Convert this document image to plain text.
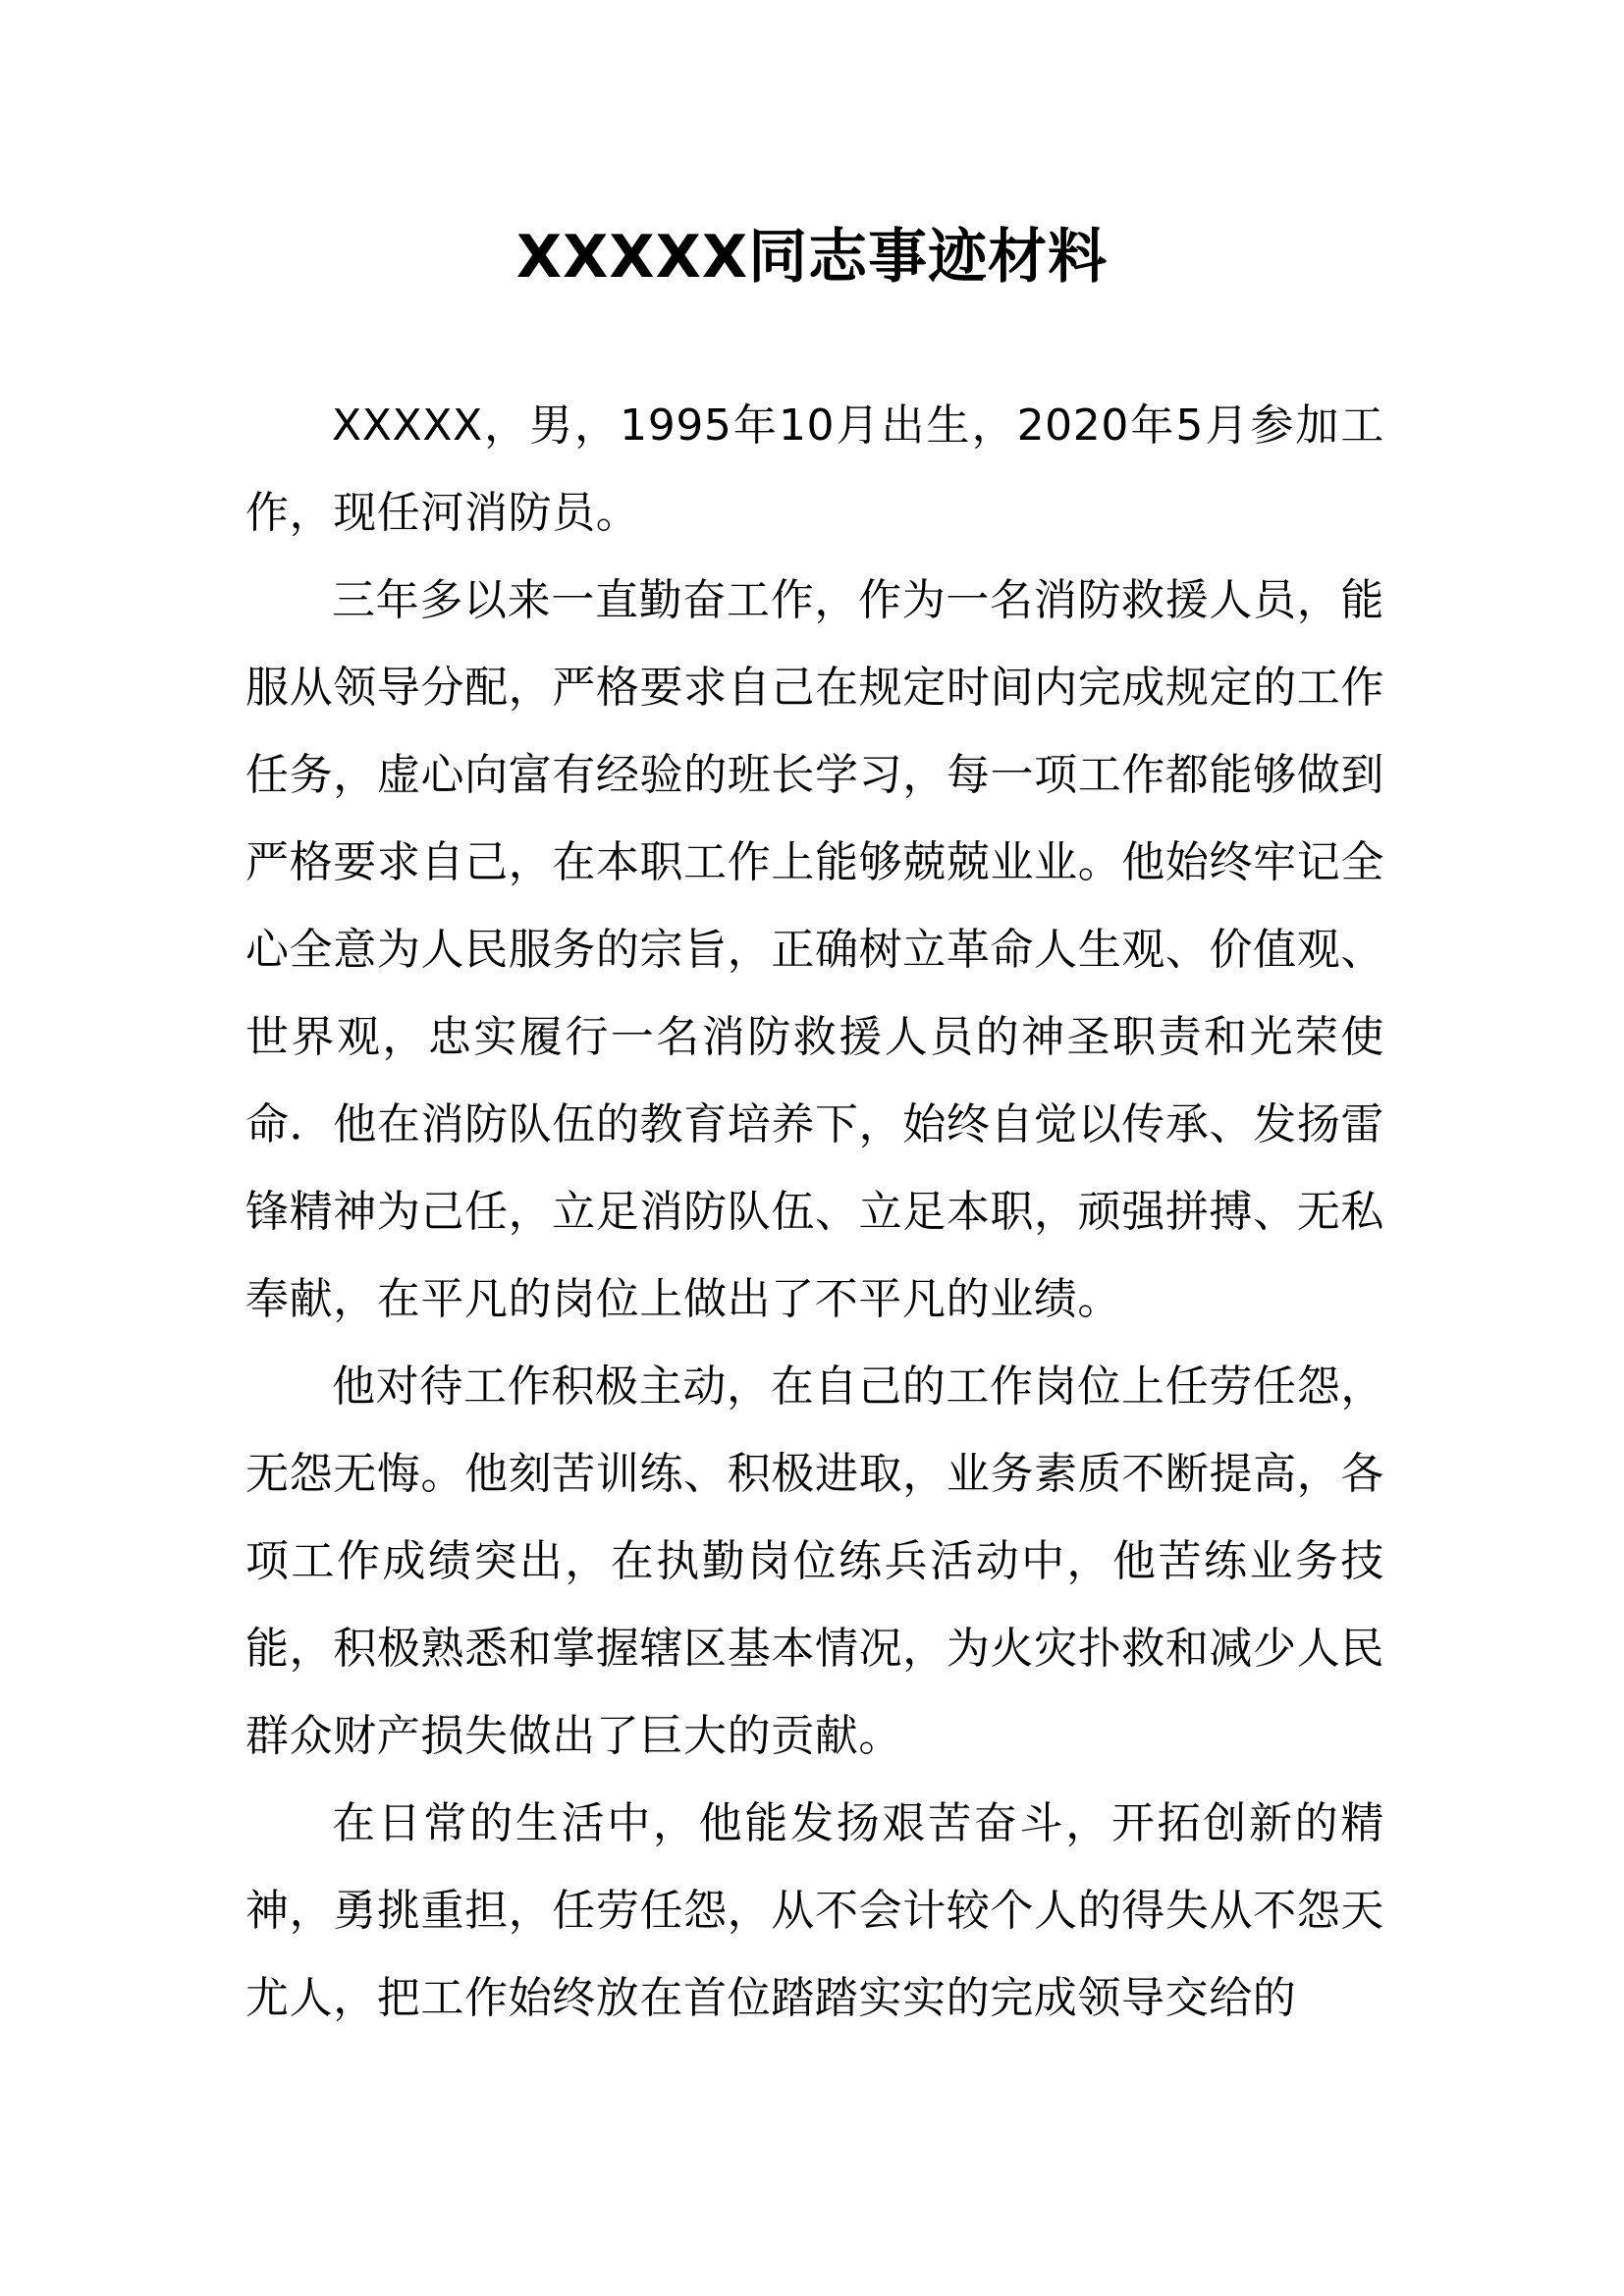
XXXXX同志事迹材料

XXXXX，男，1995年10月出生，2020年5月参加工作，现任河消防员。

三年多以来一直勤奋工作，作为一名消防救援人员，能服从领导分配，严格要求自己在规定时间内完成规定的工作任务，虚心向富有经验的班长学习，每一项工作都能够做到严格要求自己，在本职工作上能够兢兢业业。他始终牢记全心全意为人民服务的宗旨，正确树立革命人生观、价值观、世界观，忠实履行一名消防救援人员的神圣职责和光荣使命．他在消防队伍的教育培养下，始终自觉以传承、发扬雷锋精神为己任，立足消防队伍、立足本职，顽强拼搏、无私奉献，在平凡的岗位上做出了不平凡的业绩。

他对待工作积极主动，在自己的工作岗位上任劳任怨，无怨无悔。他刻苦训练、积极进取，业务素质不断提高，各项工作成绩突出，在执勤岗位练兵活动中，他苦练业务技能，积极熟悉和掌握辖区基本情况，为火灾扑救和减少人民群众财产损失做出了巨大的贡献。

在日常的生活中，他能发扬艰苦奋斗，开拓创新的精神，勇挑重担，任劳任怨，从不会计较个人的得失从不怨天尤人，把工作始终放在首位踏踏实实的完成领导交给的
